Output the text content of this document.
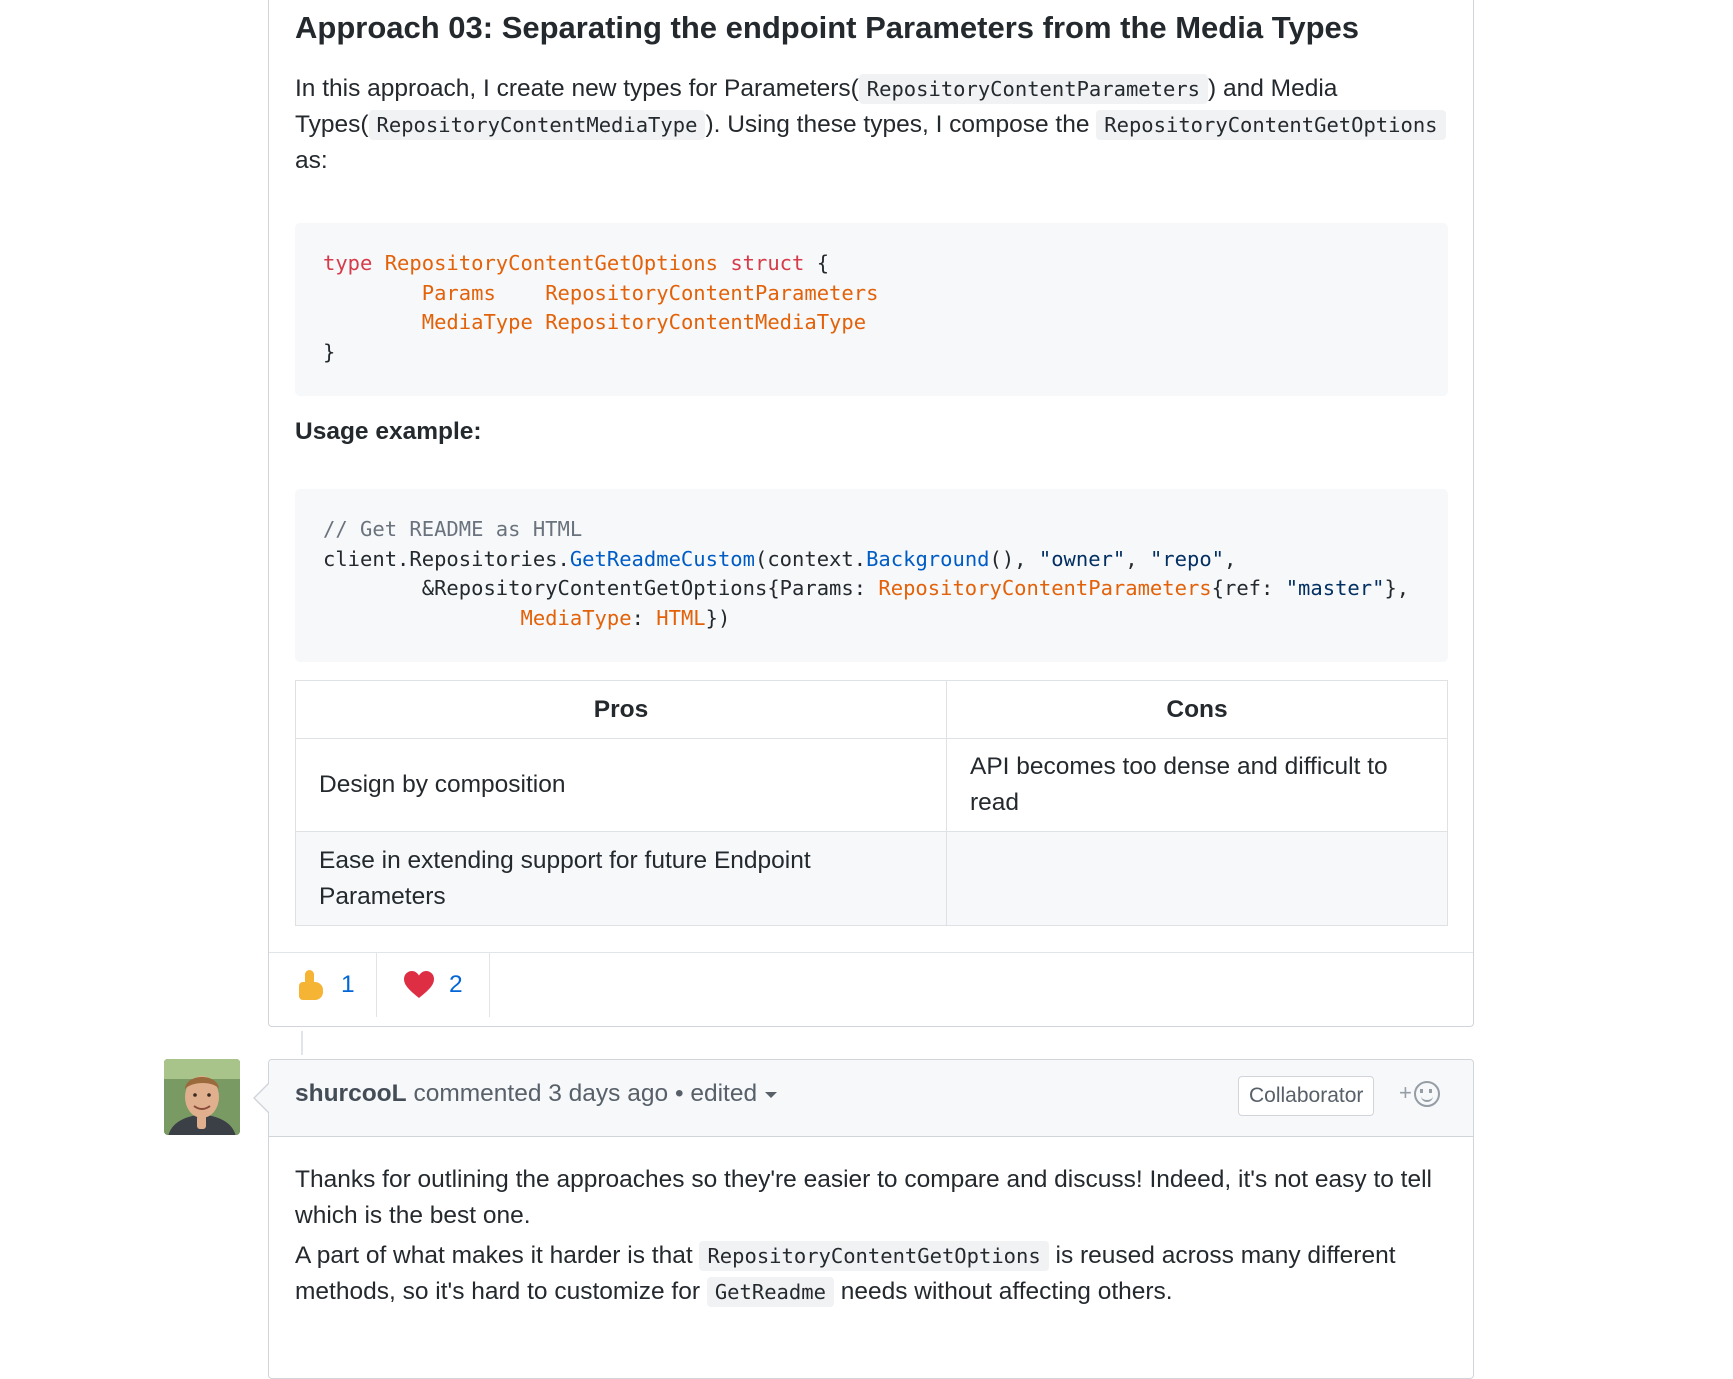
Approach 03: Separating the endpoint Parameters from the Media Types

In this approach, I create new types for Parameters( RepositoryContentParameters ) and Media Types( RepositoryContentMediaType ). Using these types, I compose the RepositoryContentGetOptions as:

type RepositoryContentGetOptions struct {
Params RepositoryContentParameters
MediaType RepositoryContentMediaType
}

Usage example:

// Get README as HTML
client.Repositories.GetReadmeCustom(context.Background(), "owner", "repo",
&RepositoryContentGetOptions{Params: RepositoryContentParameters{ref: "master"},
MediaType: HTML})
Pros	Cons
Design by composition	API becomes too dense and difficult to read
Ease in extending support for future Endpoint Parameters	
1	2
shurcooL commented 3 days ago • edited	Collaborator	+

Thanks for outlining the approaches so they're easier to compare and discuss! Indeed, it's not easy to tell which is the best one.

A part of what makes it harder is that RepositoryContentGetOptions is reused across many different methods, so it's hard to customize for GetReadme needs without affecting others.
